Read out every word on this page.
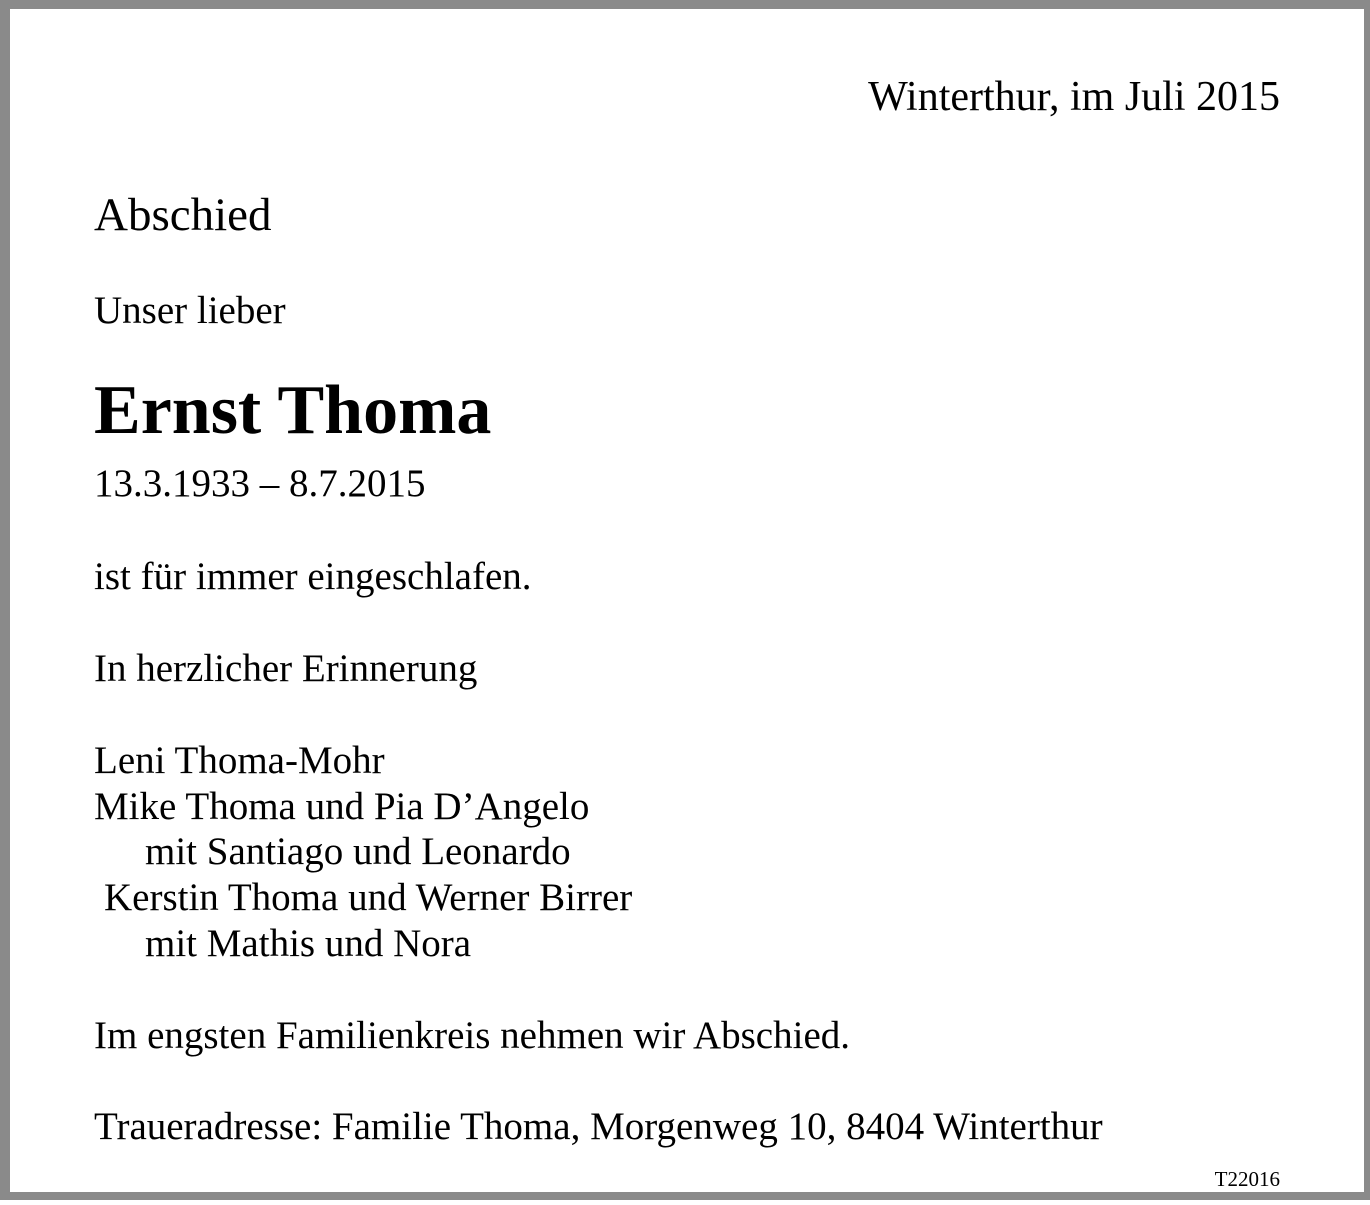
Winterthur, im Juli 2015

Abschied

Unser lieber

Ernst Thoma

13.3.1933 – 8.7.2015

ist für immer eingeschlafen.

In herzlicher Erinnerung

Leni Thoma-Mohr
Mike Thoma und Pia D’Angelo
mit Santiago und Leonardo
Kerstin Thoma und Werner Birrer
mit Mathis und Nora

Im engsten Familienkreis nehmen wir Abschied.

Traueradresse: Familie Thoma, Morgenweg 10, 8404 Winterthur

T22016
